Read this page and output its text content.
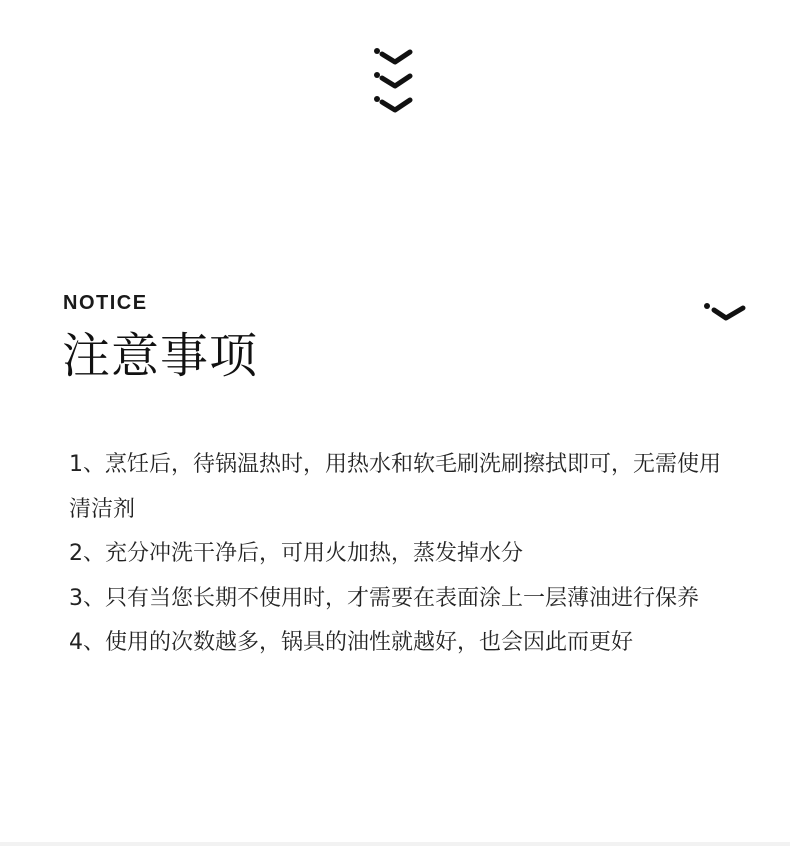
NOTICE
注意事项

1、烹饪后，待锅温热时，用热水和软毛刷洗刷擦拭即可，无需使用清洁剂

2、充分冲洗干净后，可用火加热，蒸发掉水分

3、只有当您长期不使用时，才需要在表面涂上一层薄油进行保养

4、使用的次数越多，锅具的油性就越好，也会因此而更好
